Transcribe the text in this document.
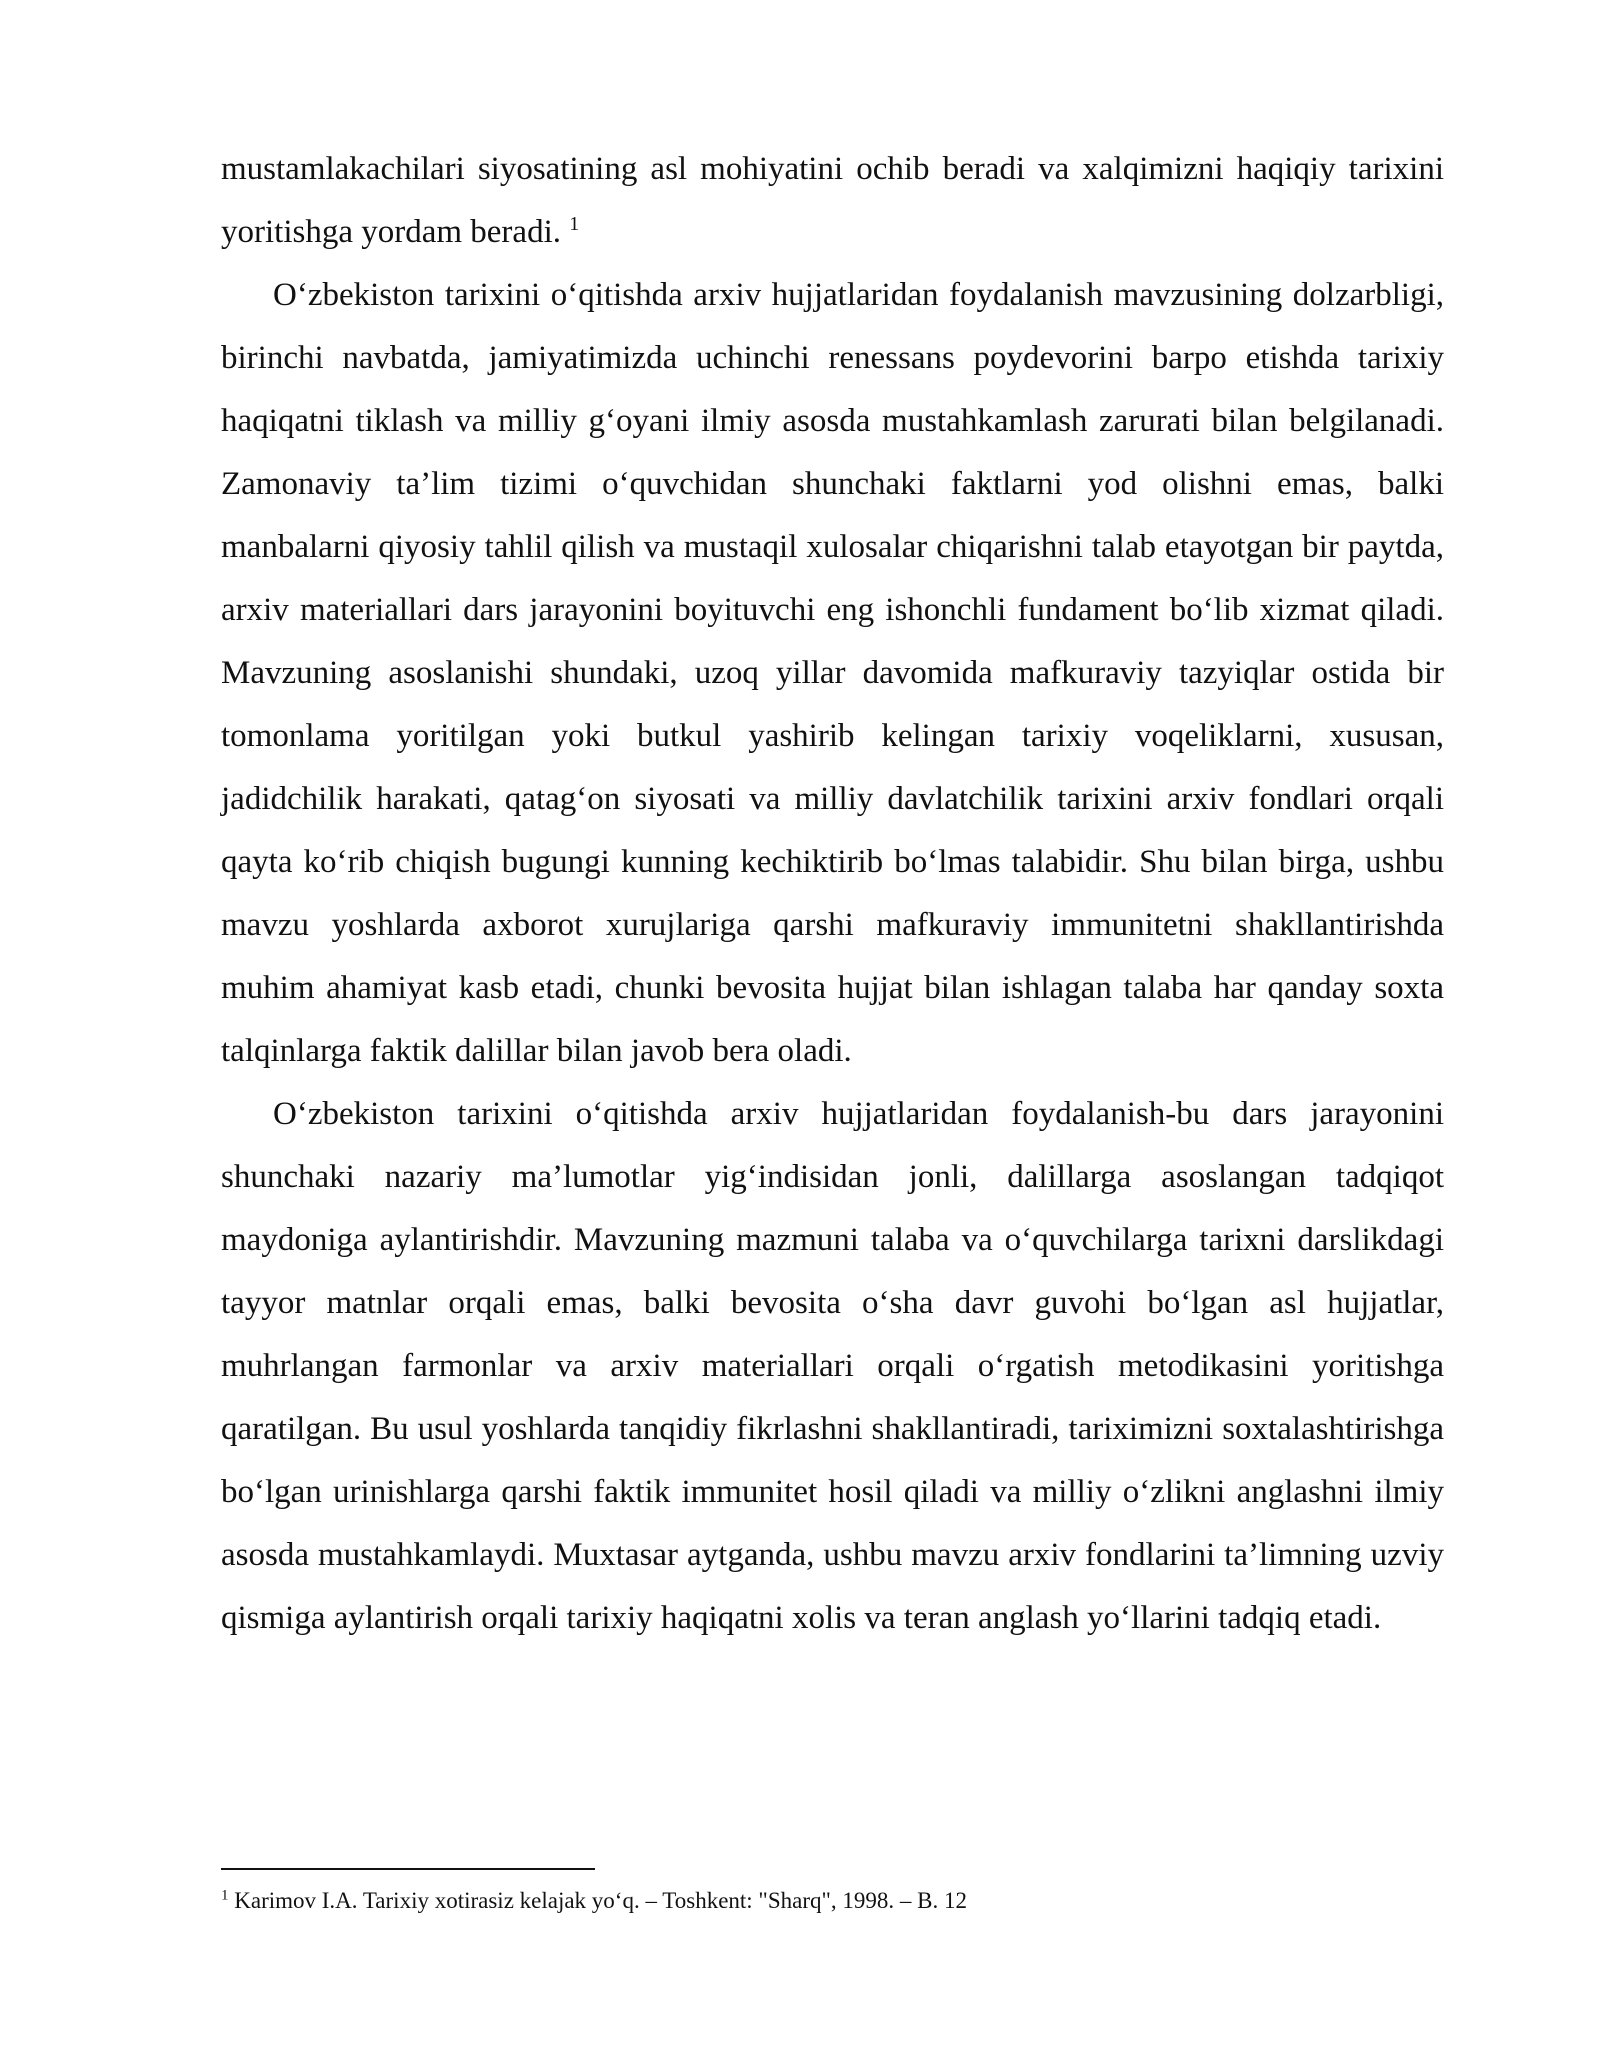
mustamlakachilari siyosatining asl mohiyatini ochib beradi va xalqimizni haqiqiy tarixini yoritishga yordam beradi. $^1$

O‘zbekiston tarixini o‘qitishda arxiv hujjatlaridan foydalanish mavzusining dolzarbligi, birinchi navbatda, jamiyatimizda uchinchi renessans poydevorini barpo etishda tarixiy haqiqatni tiklash va milliy g‘oyani ilmiy asosda mustahkamlash zarurati bilan belgilanadi. Zamonaviy ta’lim tizimi o‘quvchidan shunchaki faktlarni yod olishni emas, balki manbalarni qiyosiy tahlil qilish va mustaqil xulosalar chiqarishni talab etayotgan bir paytda, arxiv materiallari dars jarayonini boyituvchi eng ishonchli fundament bo‘lib xizmat qiladi. Mavzuning asoslanishi shundaki, uzoq yillar davomida mafkuraviy tazyiqlar ostida bir tomonlama yoritilgan yoki butkul yashirib kelingan tarixiy voqeliklarni, xususan, jadidchilik harakati, qatag‘on siyosati va milliy davlatchilik tarixini arxiv fondlari orqali qayta ko‘rib chiqish bugungi kunning kechiktirib bo‘lmas talabidir. Shu bilan birga, ushbu mavzu yoshlarda axborot xurujlariga qarshi mafkuraviy immunitetni shakllantirishda muhim ahamiyat kasb etadi, chunki bevosita hujjat bilan ishlagan talaba har qanday soxta talqinlarga faktik dalillar bilan javob bera oladi.

O‘zbekiston tarixini o‘qitishda arxiv hujjatlaridan foydalanish-bu dars jarayonini shunchaki nazariy ma’lumotlar yig‘indisidan jonli, dalillarga asoslangan tadqiqot maydoniga aylantirishdir. Mavzuning mazmuni talaba va o‘quvchilarga tarixni darslikdagi tayyor matnlar orqali emas, balki bevosita o‘sha davr guvohi bo‘lgan asl hujjatlar, muhrlangan farmonlar va arxiv materiallari orqali o‘rgatish metodikasini yoritishga qaratilgan. Bu usul yoshlarda tanqidiy fikrlashni shakllantiradi, tariximizni soxtalashtirishga bo‘lgan urinishlarga qarshi faktik immunitet hosil qiladi va milliy o‘zlikni anglashni ilmiy asosda mustahkamlaydi. Muxtasar aytganda, ushbu mavzu arxiv fondlarini ta’limning uzviy qismiga aylantirish orqali tarixiy haqiqatni xolis va teran anglash yo‘llarini tadqiq etadi.

$^1$ Karimov I.A. Tarixiy xotirasiz kelajak yo‘q. – Toshkent: "Sharq", 1998. – B. 12
